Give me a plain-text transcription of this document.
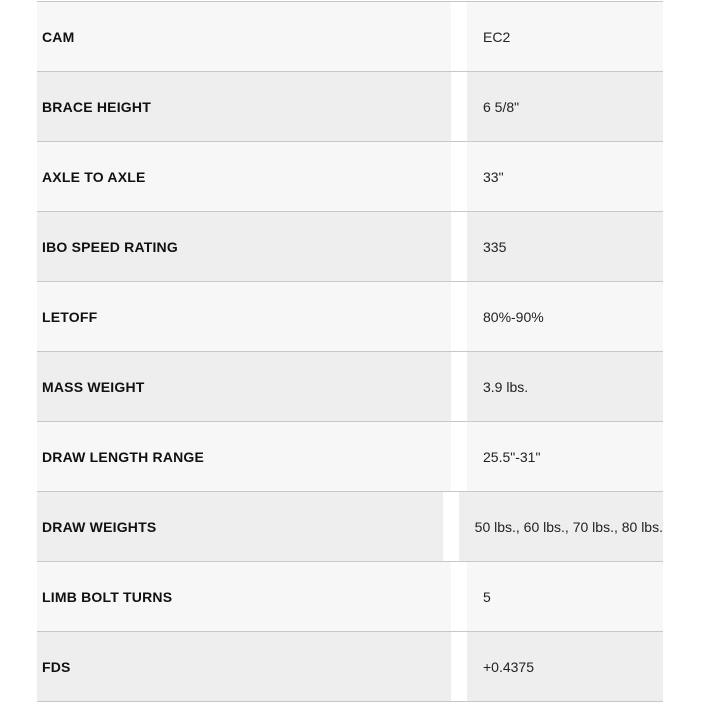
CAM	EC2
BRACE HEIGHT	6 5/8"
AXLE TO AXLE	33"
IBO SPEED RATING	335
LETOFF	80%-90%
MASS WEIGHT	3.9 lbs.
DRAW LENGTH RANGE	25.5"-31"
DRAW WEIGHTS	50 lbs., 60 lbs., 70 lbs., 80 lbs.
LIMB BOLT TURNS	5
FDS	+0.4375
